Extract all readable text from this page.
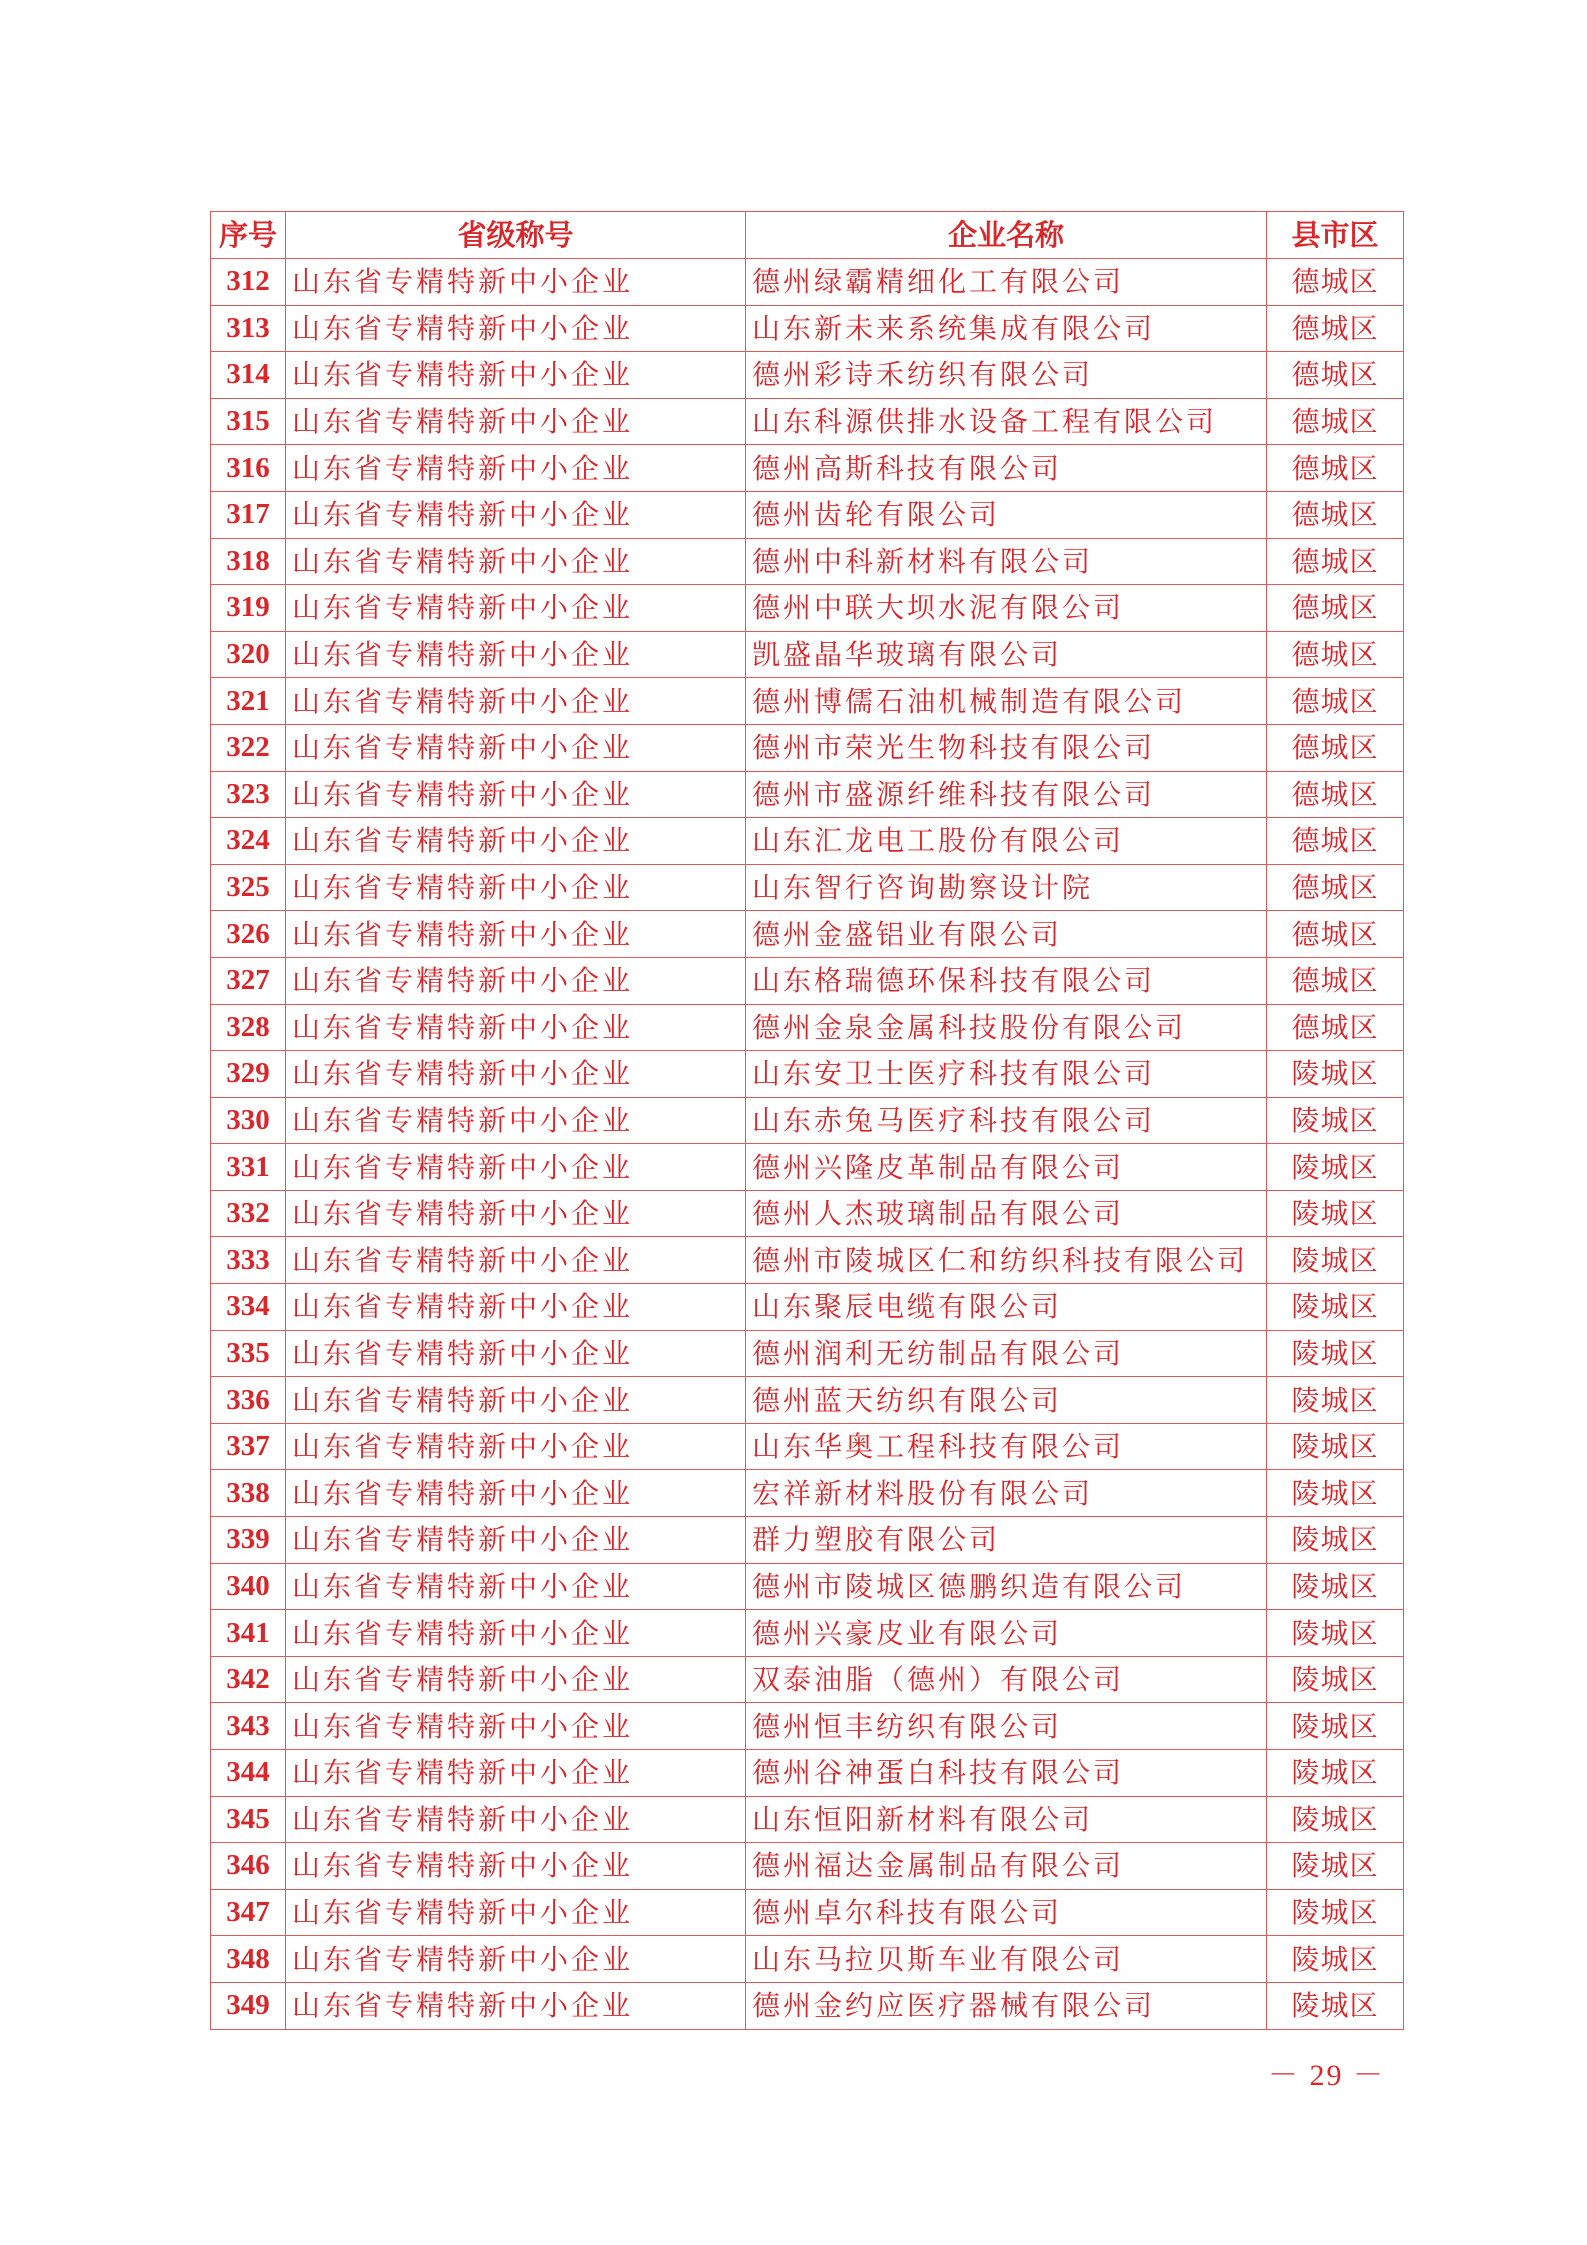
序号	省级称号	企业名称	县市区
312	山东省专精特新中小企业	德州绿霸精细化工有限公司	德城区
313	山东省专精特新中小企业	山东新未来系统集成有限公司	德城区
314	山东省专精特新中小企业	德州彩诗禾纺织有限公司	德城区
315	山东省专精特新中小企业	山东科源供排水设备工程有限公司	德城区
316	山东省专精特新中小企业	德州高斯科技有限公司	德城区
317	山东省专精特新中小企业	德州齿轮有限公司	德城区
318	山东省专精特新中小企业	德州中科新材料有限公司	德城区
319	山东省专精特新中小企业	德州中联大坝水泥有限公司	德城区
320	山东省专精特新中小企业	凯盛晶华玻璃有限公司	德城区
321	山东省专精特新中小企业	德州博儒石油机械制造有限公司	德城区
322	山东省专精特新中小企业	德州市荣光生物科技有限公司	德城区
323	山东省专精特新中小企业	德州市盛源纤维科技有限公司	德城区
324	山东省专精特新中小企业	山东汇龙电工股份有限公司	德城区
325	山东省专精特新中小企业	山东智行咨询勘察设计院	德城区
326	山东省专精特新中小企业	德州金盛铝业有限公司	德城区
327	山东省专精特新中小企业	山东格瑞德环保科技有限公司	德城区
328	山东省专精特新中小企业	德州金泉金属科技股份有限公司	德城区
329	山东省专精特新中小企业	山东安卫士医疗科技有限公司	陵城区
330	山东省专精特新中小企业	山东赤兔马医疗科技有限公司	陵城区
331	山东省专精特新中小企业	德州兴隆皮革制品有限公司	陵城区
332	山东省专精特新中小企业	德州人杰玻璃制品有限公司	陵城区
333	山东省专精特新中小企业	德州市陵城区仁和纺织科技有限公司	陵城区
334	山东省专精特新中小企业	山东聚辰电缆有限公司	陵城区
335	山东省专精特新中小企业	德州润利无纺制品有限公司	陵城区
336	山东省专精特新中小企业	德州蓝天纺织有限公司	陵城区
337	山东省专精特新中小企业	山东华奥工程科技有限公司	陵城区
338	山东省专精特新中小企业	宏祥新材料股份有限公司	陵城区
339	山东省专精特新中小企业	群力塑胶有限公司	陵城区
340	山东省专精特新中小企业	德州市陵城区德鹏织造有限公司	陵城区
341	山东省专精特新中小企业	德州兴豪皮业有限公司	陵城区
342	山东省专精特新中小企业	双泰油脂（德州）有限公司	陵城区
343	山东省专精特新中小企业	德州恒丰纺织有限公司	陵城区
344	山东省专精特新中小企业	德州谷神蛋白科技有限公司	陵城区
345	山东省专精特新中小企业	山东恒阳新材料有限公司	陵城区
346	山东省专精特新中小企业	德州福达金属制品有限公司	陵城区
347	山东省专精特新中小企业	德州卓尔科技有限公司	陵城区
348	山东省专精特新中小企业	山东马拉贝斯车业有限公司	陵城区
349	山东省专精特新中小企业	德州金约应医疗器械有限公司	陵城区
－ 29 －
